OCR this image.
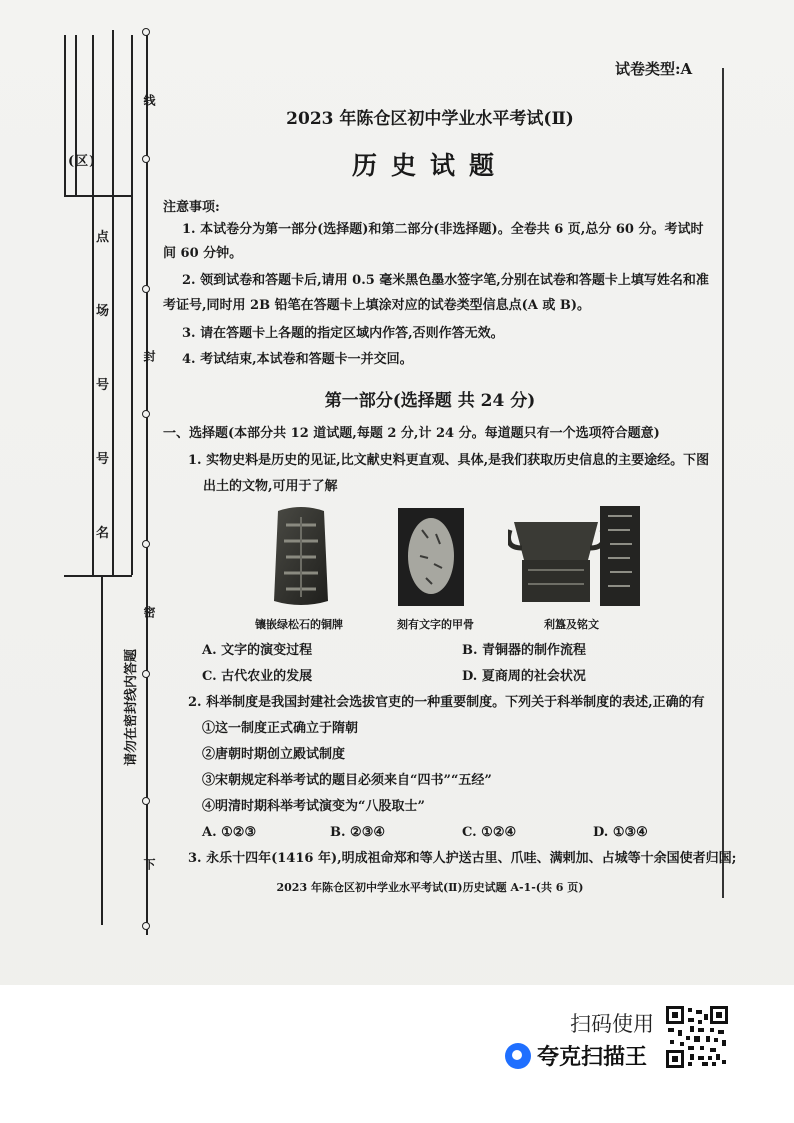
(区)
点
场
号
号
名
线
封
密
请勿在密封线内答题
下
试卷类型:A
2023 年陈仓区初中学业水平考试(Ⅱ)
历史试题
注意事项:
1. 本试卷分为第一部分(选择题)和第二部分(非选择题)。全卷共 6 页,总分 60 分。考试时
间 60 分钟。
2. 领到试卷和答题卡后,请用 0.5 毫米黑色墨水签字笔,分别在试卷和答题卡上填写姓名和准
考证号,同时用 2B 铅笔在答题卡上填涂对应的试卷类型信息点(A 或 B)。
3. 请在答题卡上各题的指定区域内作答,否则作答无效。
4. 考试结束,本试卷和答题卡一并交回。
第一部分(选择题 共 24 分)
一、选择题(本部分共 12 道试题,每题 2 分,计 24 分。每道题只有一个选项符合题意)
1. 实物史料是历史的见证,比文献史料更直观、具体,是我们获取历史信息的主要途经。下图
出土的文物,可用于了解
镶嵌绿松石的铜牌	刻有文字的甲骨	利簋及铭文
A. 文字的演变过程	B. 青铜器的制作流程
C. 古代农业的发展	D. 夏商周的社会状况
2. 科举制度是我国封建社会选拔官吏的一种重要制度。下列关于科举制度的表述,正确的有
①这一制度正式确立于隋朝
②唐朝时期创立殿试制度
③宋朝规定科举考试的题目必须来自“四书”“五经”
④明清时期科举考试演变为“八股取士”
A. ①②③	B. ②③④	C. ①②④	D. ①③④
3. 永乐十四年(1416 年),明成祖命郑和等人护送古里、爪哇、满剌加、占城等十余国使者归国;
2023 年陈仓区初中学业水平考试(Ⅱ)历史试题 A-1-(共 6 页)
扫码使用
夸克扫描王
